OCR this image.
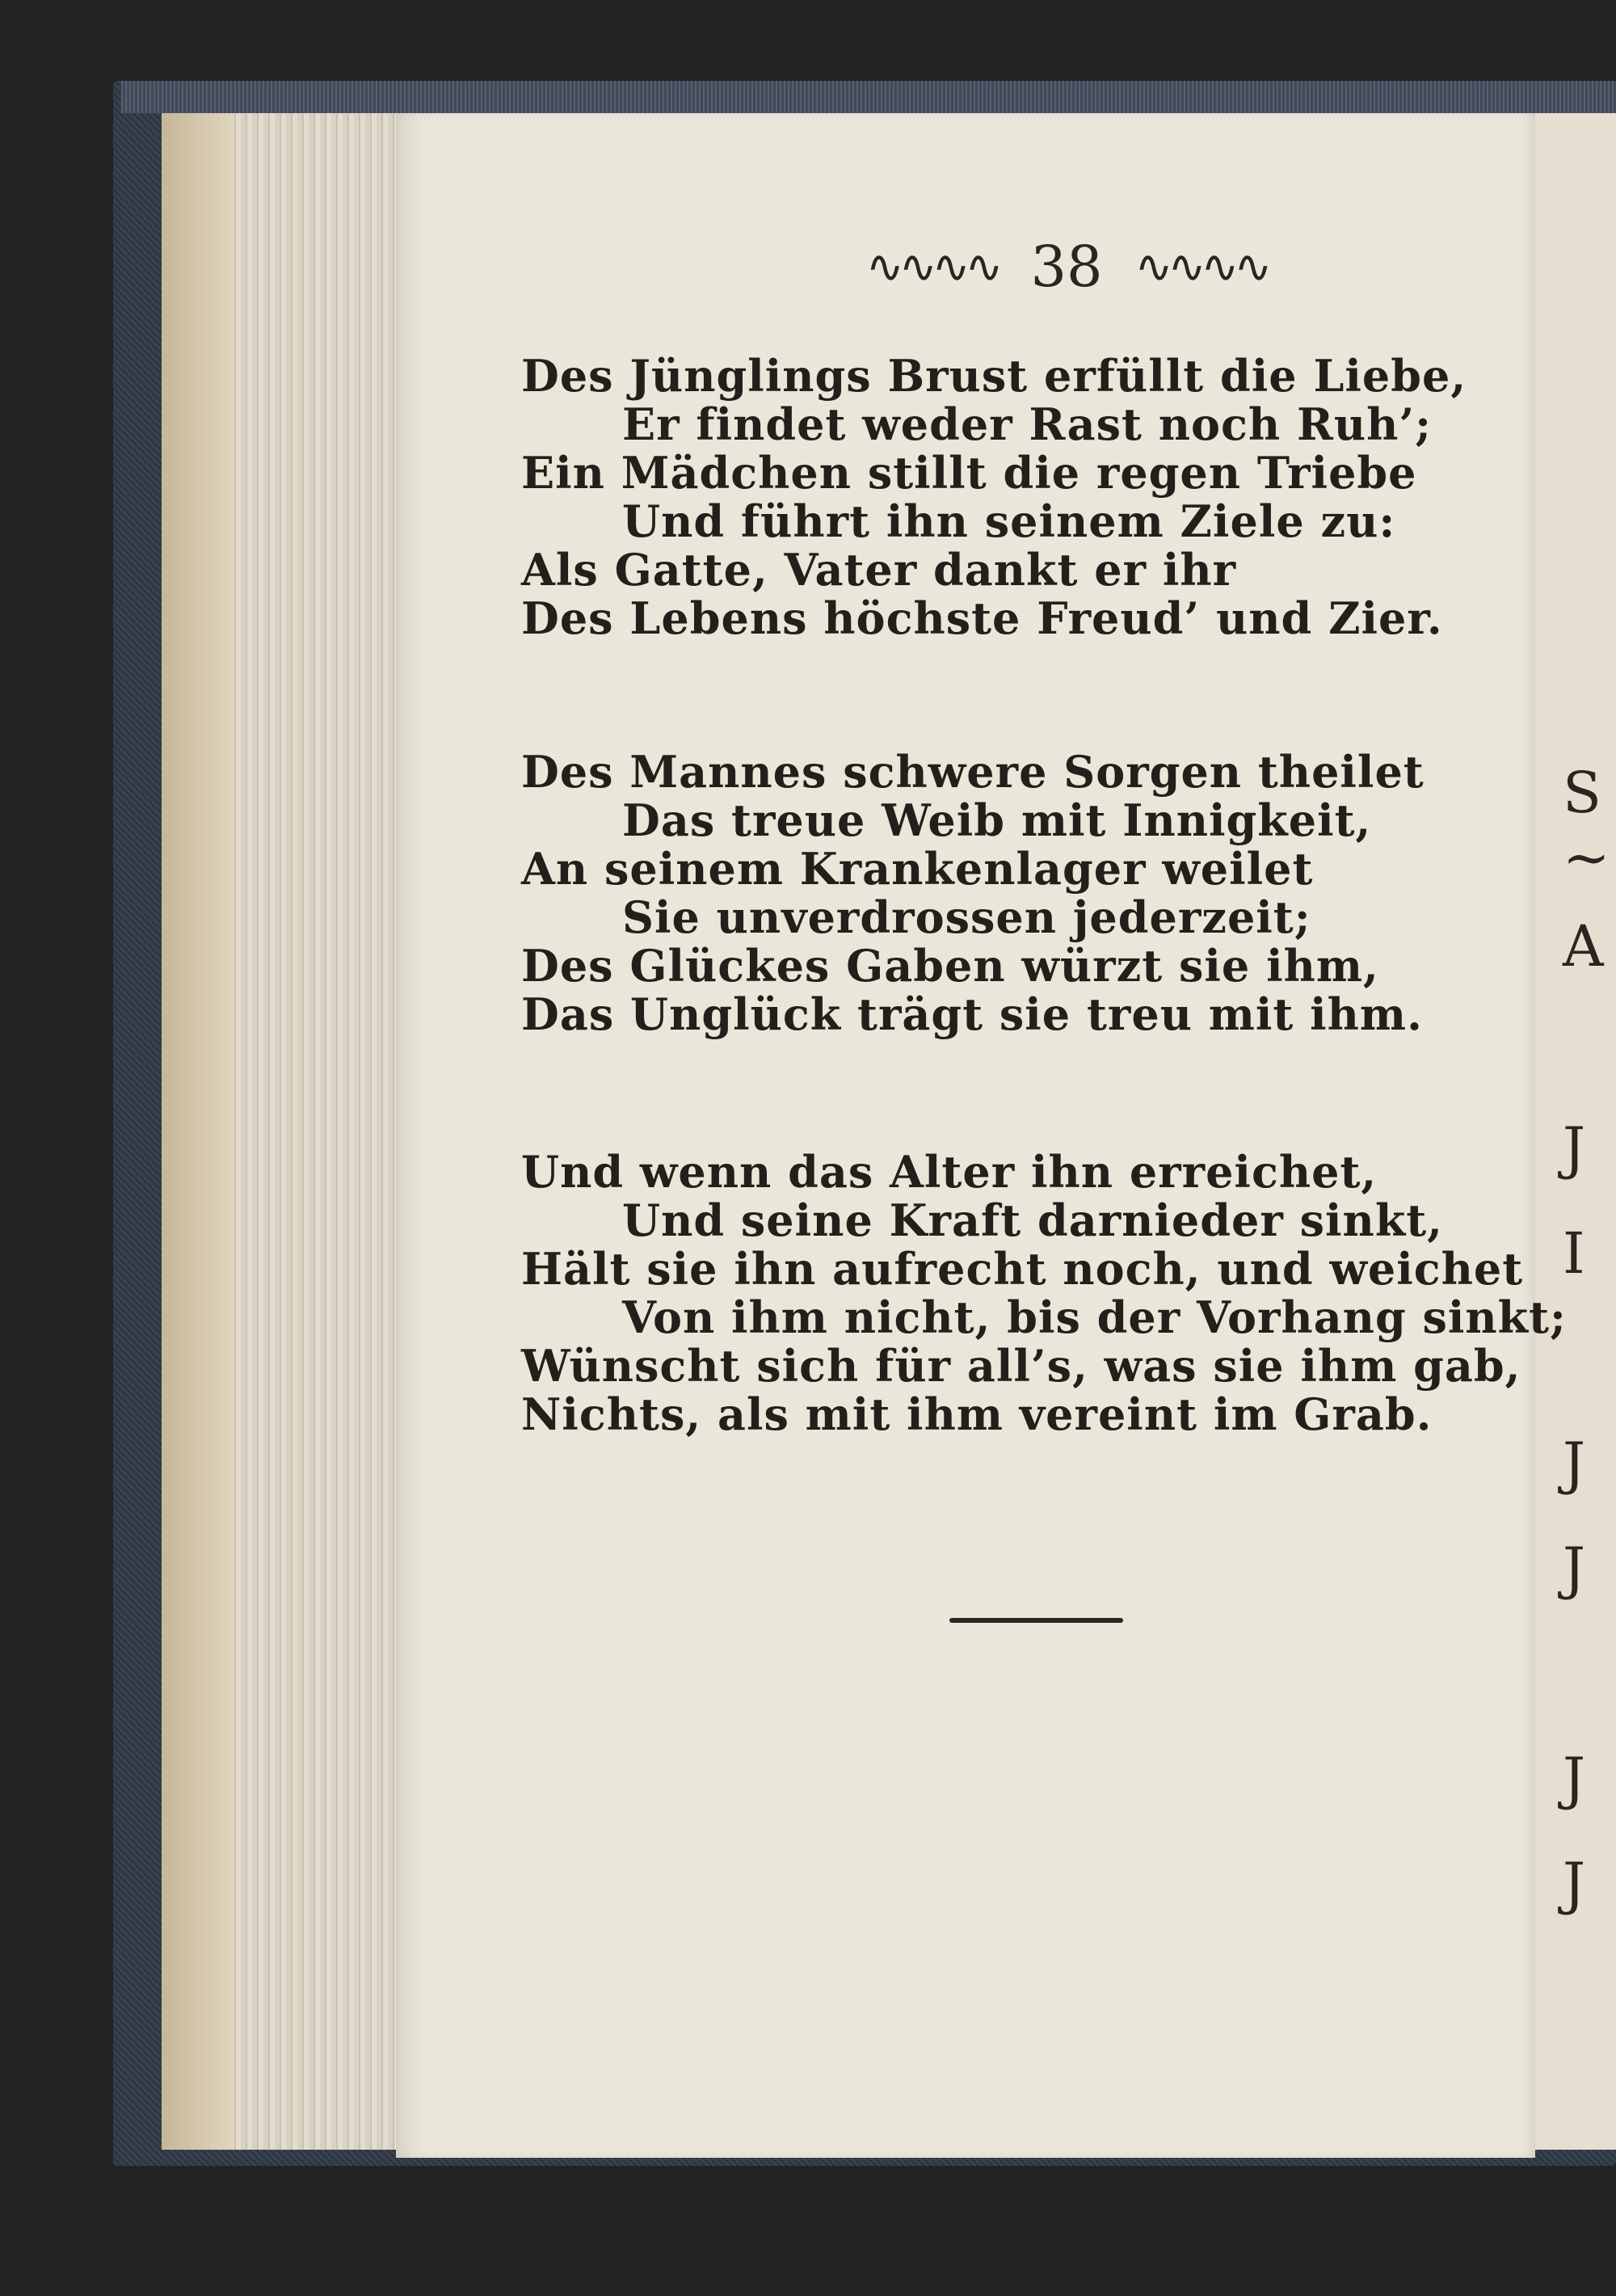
S
~
A
J
I
J
J
J
J
∿∿∿∿ 38 ∿∿∿∿
Des Jünglings Brust erfüllt die Liebe,
Er findet weder Rast noch Ruh’;
Ein Mädchen stillt die regen Triebe
Und führt ihn seinem Ziele zu:
Als Gatte, Vater dankt er ihr
Des Lebens höchste Freud’ und Zier.
Des Mannes schwere Sorgen theilet
Das treue Weib mit Innigkeit,
An seinem Krankenlager weilet
Sie unverdrossen jederzeit;
Des Glückes Gaben würzt sie ihm,
Das Unglück trägt sie treu mit ihm.
Und wenn das Alter ihn erreichet,
Und seine Kraft darnieder sinkt,
Hält sie ihn aufrecht noch, und weichet
Von ihm nicht, bis der Vorhang sinkt;
Wünscht sich für all’s, was sie ihm gab,
Nichts, als mit ihm vereint im Grab.
